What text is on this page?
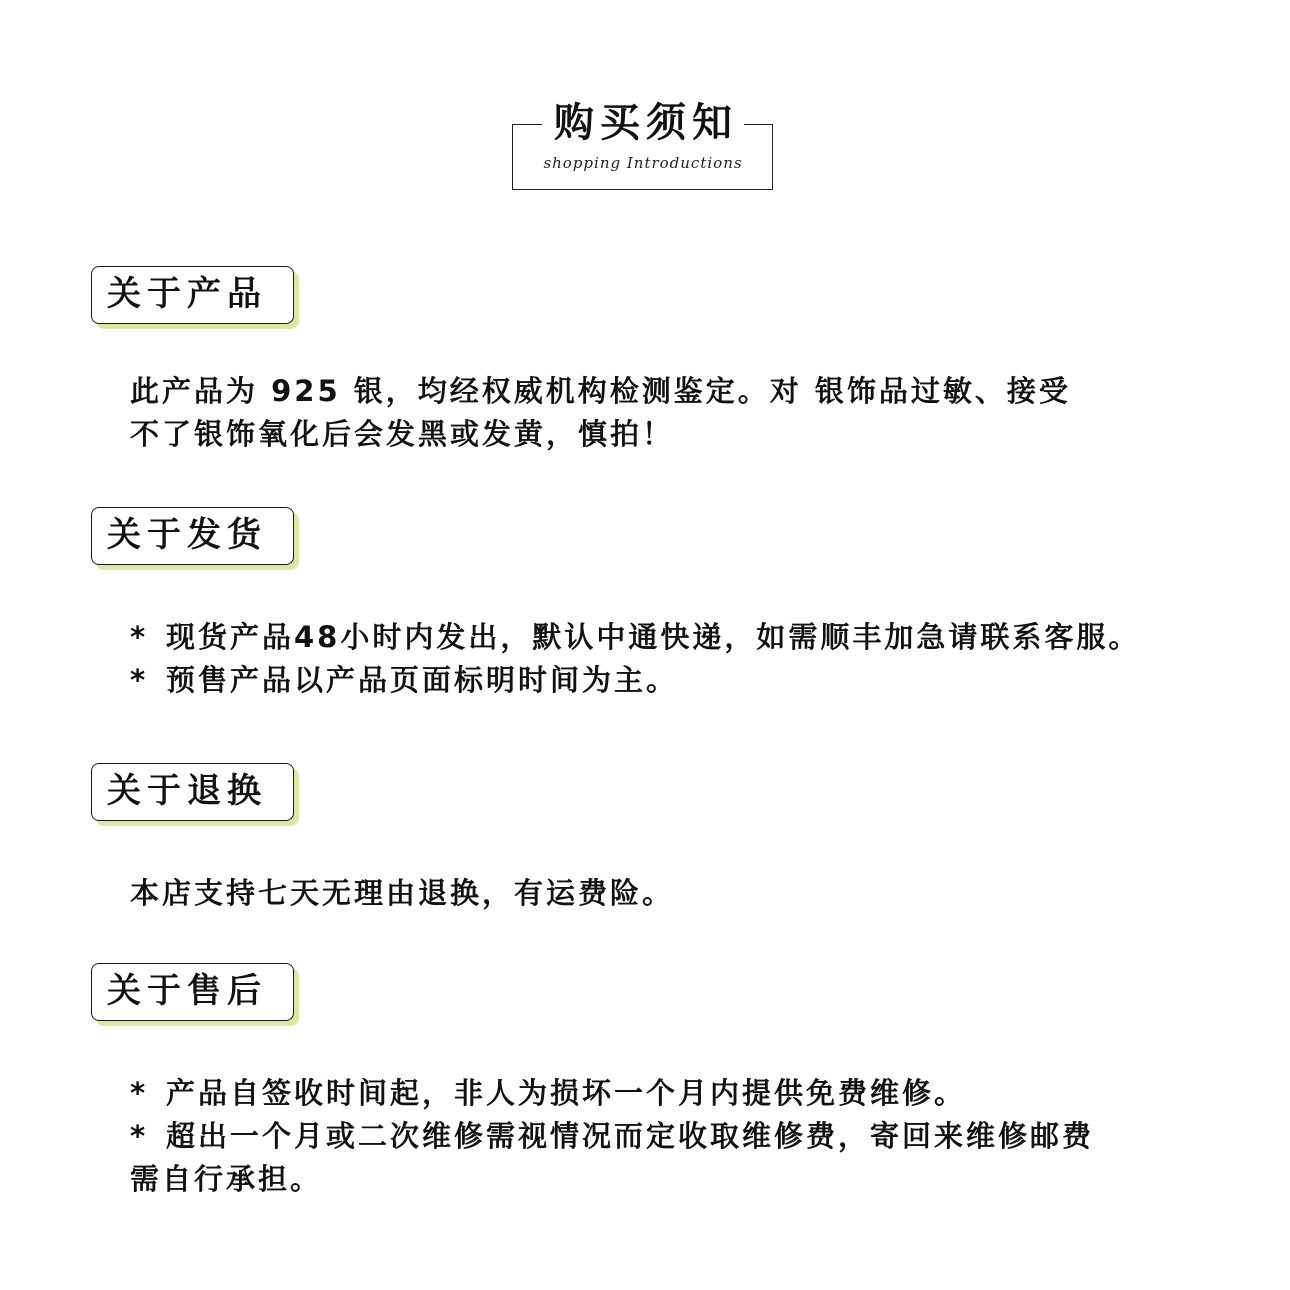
购买须知
shopping Introductions
关于产品
此产品为 925 银，均经权威机构检测鉴定。对 银饰品过敏、接受
不了银饰氧化后会发黑或发黄，慎拍！
关于发货
* 现货产品48小时内发出，默认中通快递，如需顺丰加急请联系客服。
* 预售产品以产品页面标明时间为主。
关于退换
本店支持七天无理由退换，有运费险。
关于售后
* 产品自签收时间起，非人为损坏一个月内提供免费维修。
* 超出一个月或二次维修需视情况而定收取维修费，寄回来维修邮费
需自行承担。
